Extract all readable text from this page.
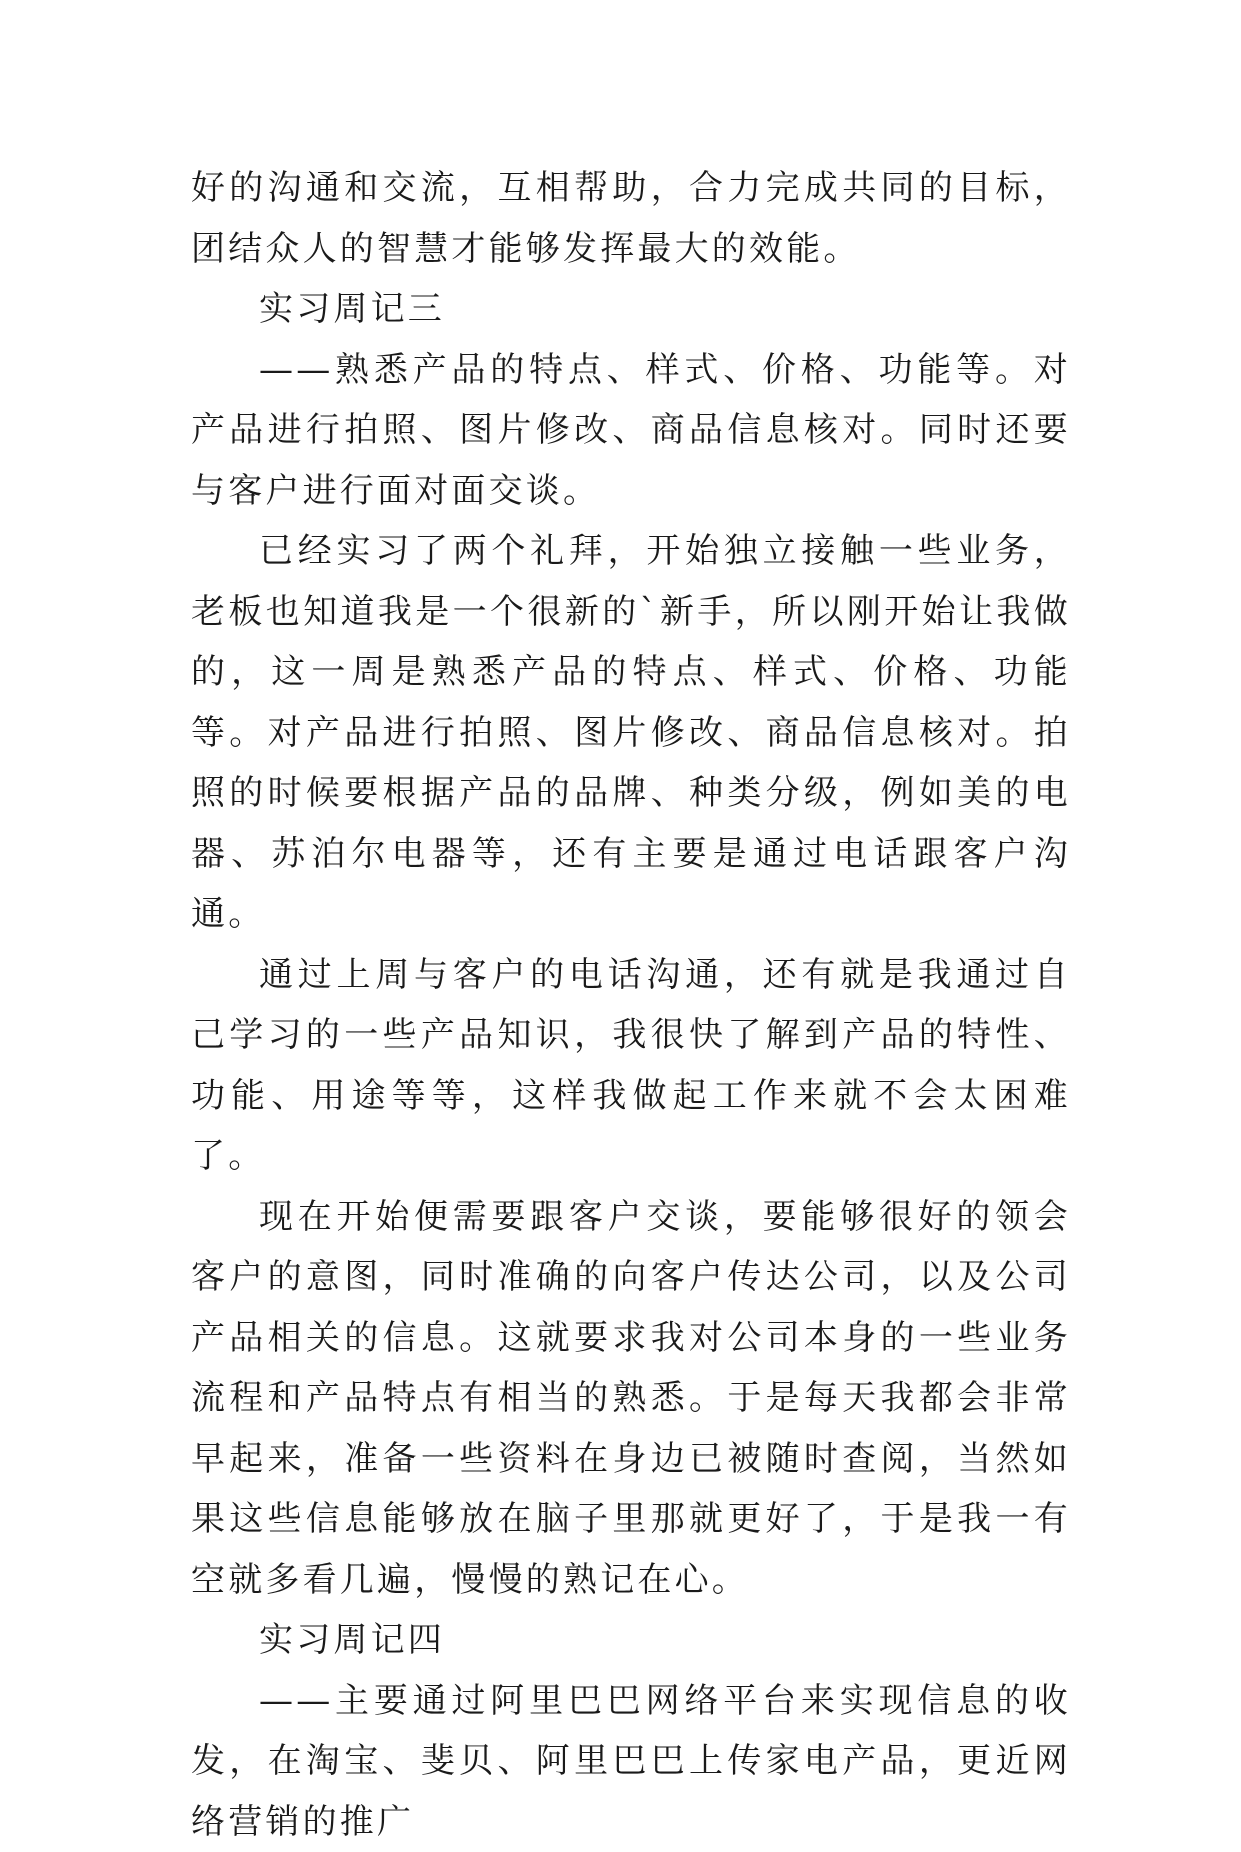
好的沟通和交流，互相帮助，合力完成共同的目标，团结众人的智慧才能够发挥最大的效能。

实习周记三

——熟悉产品的特点、样式、价格、功能等。对产品进行拍照、图片修改、商品信息核对。同时还要与客户进行面对面交谈。

已经实习了两个礼拜，开始独立接触一些业务，老板也知道我是一个很新的`新手，所以刚开始让我做的，这一周是熟悉产品的特点、样式、价格、功能等。对产品进行拍照、图片修改、商品信息核对。拍照的时候要根据产品的品牌、种类分级，例如美的电器、苏泊尔电器等，还有主要是通过电话跟客户沟通。

通过上周与客户的电话沟通，还有就是我通过自己学习的一些产品知识，我很快了解到产品的特性、功能、用途等等，这样我做起工作来就不会太困难了。

现在开始便需要跟客户交谈，要能够很好的领会客户的意图，同时准确的向客户传达公司，以及公司产品相关的信息。这就要求我对公司本身的一些业务流程和产品特点有相当的熟悉。于是每天我都会非常早起来，准备一些资料在身边已被随时查阅，当然如果这些信息能够放在脑子里那就更好了，于是我一有空就多看几遍，慢慢的熟记在心。

实习周记四

——主要通过阿里巴巴网络平台来实现信息的收发，在淘宝、斐贝、阿里巴巴上传家电产品，更近网络营销的推广
